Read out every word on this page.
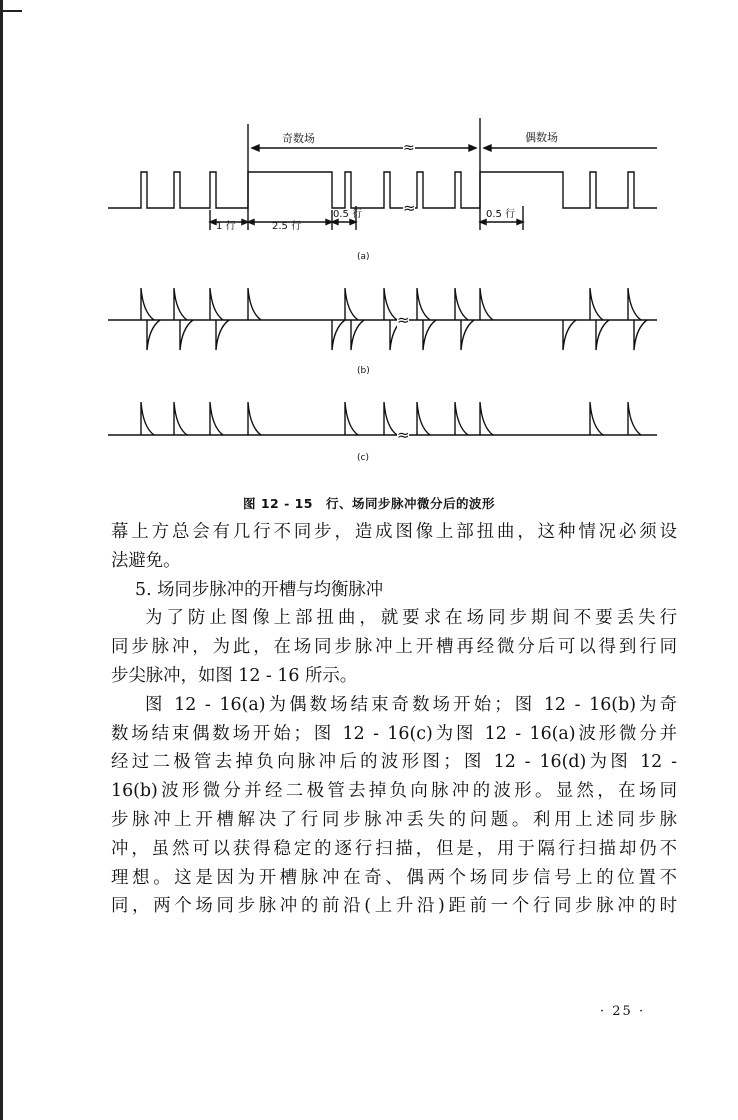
≈
≈
≈
≈
奇数场	偶数场
1 行	2.5 行
0.5 行	0.5 行
(a)
(b)
(c)
图 12 - 15　行、场同步脉冲微分后的波形

幕上方总会有几行不同步，造成图像上部扭曲，这种情况必须设

法避免。

5. 场同步脉冲的开槽与均衡脉冲

为了防止图像上部扭曲，就要求在场同步期间不要丢失行

同步脉冲，为此，在场同步脉冲上开槽再经微分后可以得到行同

步尖脉冲，如图 12 - 16 所示。

图 12 - 16(a)为偶数场结束奇数场开始；图 12 - 16(b)为奇

数场结束偶数场开始；图 12 - 16(c)为图 12 - 16(a)波形微分并

经过二极管去掉负向脉冲后的波形图；图 12 - 16(d)为图 12 -

16(b)波形微分并经二极管去掉负向脉冲的波形。显然，在场同

步脉冲上开槽解决了行同步脉冲丢失的问题。利用上述同步脉

冲，虽然可以获得稳定的逐行扫描，但是，用于隔行扫描却仍不

理想。这是因为开槽脉冲在奇、偶两个场同步信号上的位置不

同，两个场同步脉冲的前沿(上升沿)距前一个行同步脉冲的时

· 25 ·
